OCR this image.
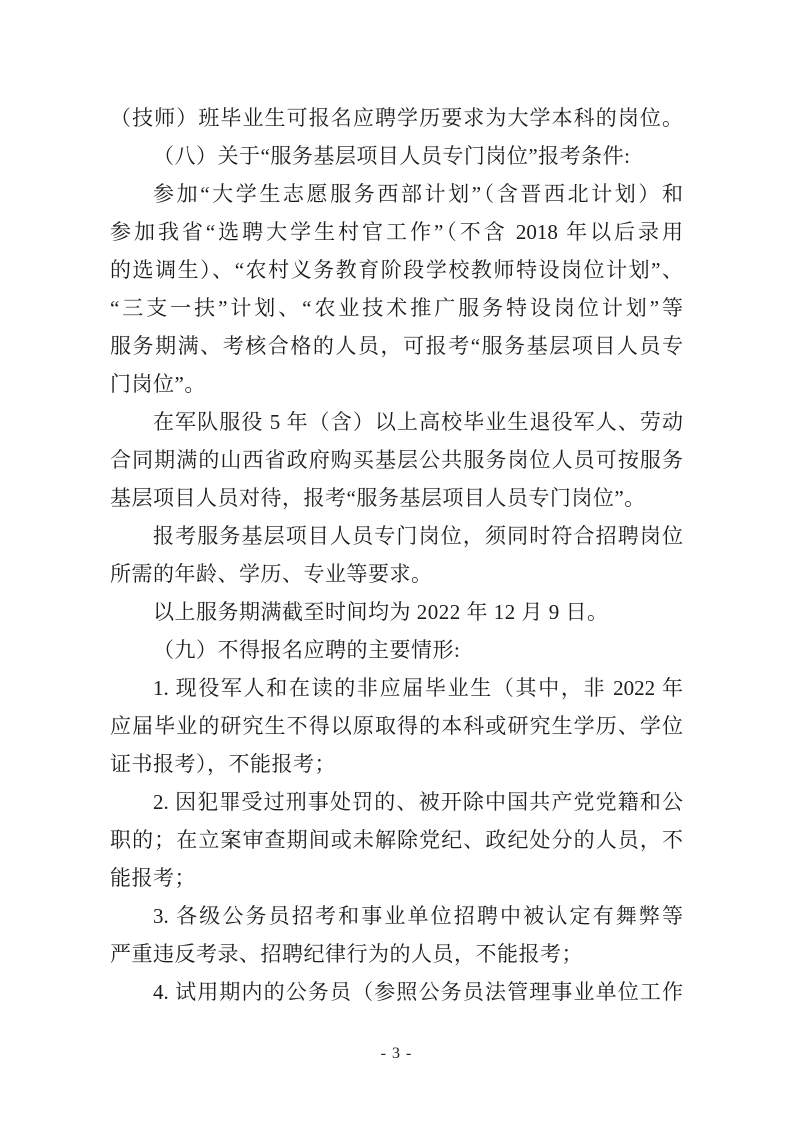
（技师）班毕业生可报名应聘学历要求为大学本科的岗位。
（八）关于“服务基层项目人员专门岗位”报考条件:
参加“大学生志愿服务西部计划”（含晋西北计划）和
参加我省“选聘大学生村官工作”（不含 2018 年以后录用
的选调生）、“农村义务教育阶段学校教师特设岗位计划”、
“三支一扶”计划、“农业技术推广服务特设岗位计划”等
服务期满、考核合格的人员，可报考“服务基层项目人员专
门岗位”。
在军队服役 5 年（含）以上高校毕业生退役军人、劳动
合同期满的山西省政府购买基层公共服务岗位人员可按服务
基层项目人员对待，报考“服务基层项目人员专门岗位”。
报考服务基层项目人员专门岗位，须同时符合招聘岗位
所需的年龄、学历、专业等要求。
以上服务期满截至时间均为 2022 年 12 月 9 日。
（九）不得报名应聘的主要情形:
1. 现役军人和在读的非应届毕业生（其中，非 2022 年
应届毕业的研究生不得以原取得的本科或研究生学历、学位
证书报考），不能报考；
2. 因犯罪受过刑事处罚的、被开除中国共产党党籍和公
职的；在立案审查期间或未解除党纪、政纪处分的人员，不
能报考；
3. 各级公务员招考和事业单位招聘中被认定有舞弊等
严重违反考录、招聘纪律行为的人员，不能报考；
4. 试用期内的公务员（参照公务员法管理事业单位工作
- 3 -
